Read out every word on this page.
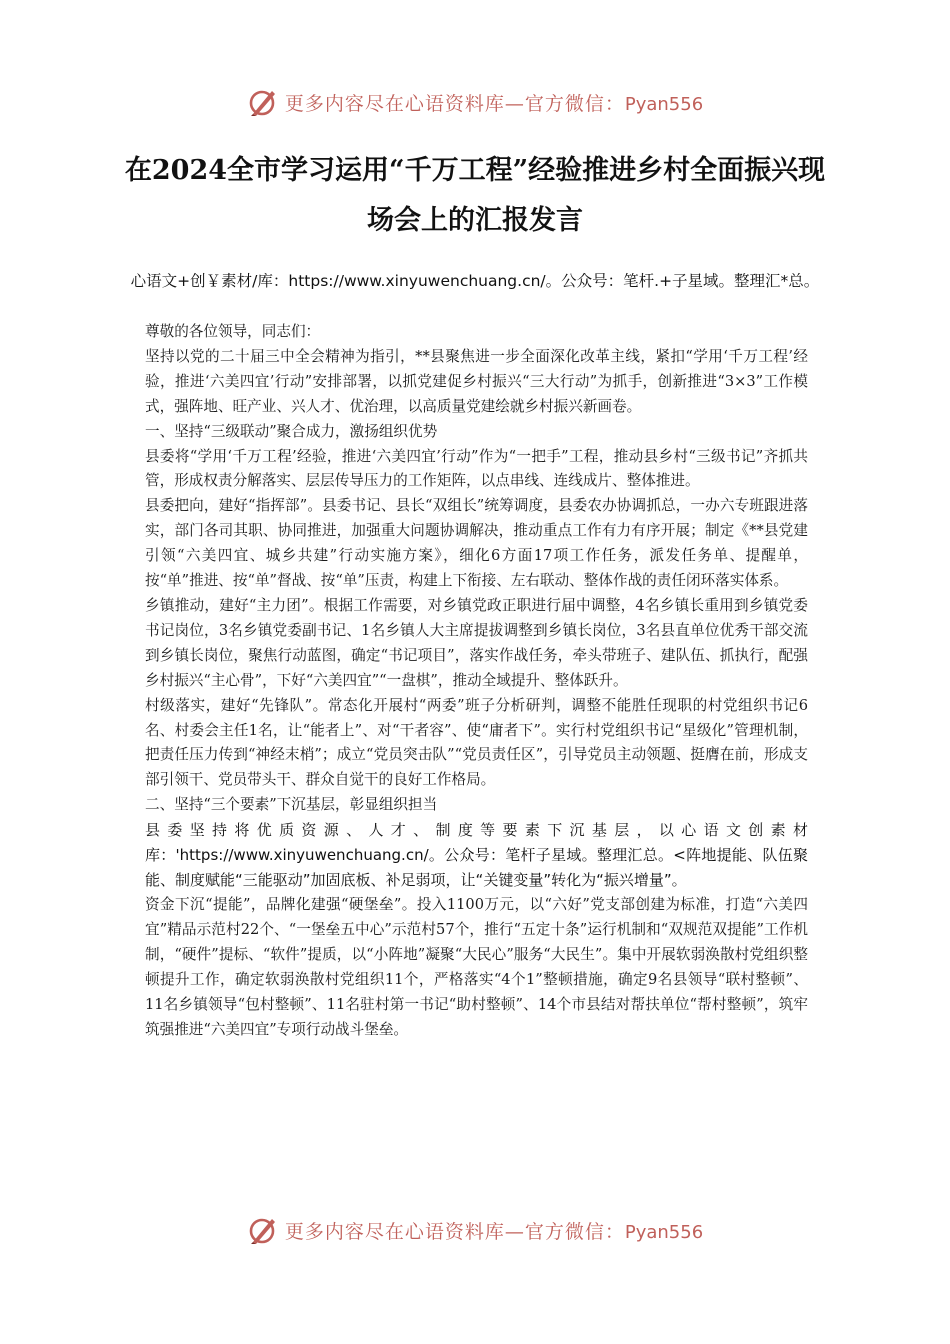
更多内容尽在心语资料库—官方微信：Pyan556
在2024全市学习运用“千万工程”经验推进乡村全面振兴现场会上的汇报发言
心语文+创￥素材/库：https://www.xinyuwenchuang.cn/。公众号：笔杆.+子星域。整理汇*总。

尊敬的各位领导，同志们：

坚持以党的二十届三中全会精神为指引，**县聚焦进一步全面深化改革主线，紧扣“学用‘千万工程’经验，推进‘六美四宜’行动”安排部署，以抓党建促乡村振兴“三大行动”为抓手，创新推进“3×3”工作模式，强阵地、旺产业、兴人才、优治理，以高质量党建绘就乡村振兴新画卷。

一、坚持“三级联动”聚合成力，激扬组织优势

县委将“学用‘千万工程’经验，推进‘六美四宜’行动”作为“一把手”工程，推动县乡村“三级书记”齐抓共管，形成权责分解落实、层层传导压力的工作矩阵，以点串线、连线成片、整体推进。

县委把向，建好“指挥部”。县委书记、县长“双组长”统筹调度，县委农办协调抓总，一办六专班跟进落实，部门各司其职、协同推进，加强重大问题协调解决，推动重点工作有力有序开展；制定《**县党建引领“六美四宜、城乡共建”行动实施方案》，细化6方面17项工作任务，派发任务单、提醒单，按“单”推进、按“单”督战、按“单”压责，构建上下衔接、左右联动、整体作战的责任闭环落实体系。

乡镇推动，建好“主力团”。根据工作需要，对乡镇党政正职进行届中调整，4名乡镇长重用到乡镇党委书记岗位，3名乡镇党委副书记、1名乡镇人大主席提拔调整到乡镇长岗位，3名县直单位优秀干部交流到乡镇长岗位，聚焦行动蓝图，确定“书记项目”，落实作战任务，牵头带班子、建队伍、抓执行，配强乡村振兴“主心骨”，下好“六美四宜”“一盘棋”，推动全域提升、整体跃升。

村级落实，建好“先锋队”。常态化开展村“两委”班子分析研判，调整不能胜任现职的村党组织书记6名、村委会主任1名，让“能者上”、对“干者容”、使“庸者下”。实行村党组织书记“星级化”管理机制，把责任压力传到“神经末梢”；成立“党员突击队”“党员责任区”，引导党员主动领题、挺膺在前，形成支部引领干、党员带头干、群众自觉干的良好工作格局。

二、坚持“三个要素”下沉基层，彰显组织担当

县委坚持将优质资源、人才、制度等要素下沉基层，以心语文创素材库：'https://www.xinyuwenchuang.cn/。公众号：笔杆子星域。整理汇总。<阵地提能、队伍聚能、制度赋能“三能驱动”加固底板、补足弱项，让“关键变量”转化为“振兴增量”。

资金下沉“提能”，品牌化建强“硬堡垒”。投入1100万元，以“六好”党支部创建为标准，打造“六美四宜”精品示范村22个、“一堡垒五中心”示范村57个，推行“五定十条”运行机制和“双规范双提能”工作机制，“硬件”提标、“软件”提质，以“小阵地”凝聚“大民心”服务“大民生”。集中开展软弱涣散村党组织整顿提升工作，确定软弱涣散村党组织11个，严格落实“4个1”整顿措施，确定9名县领导“联村整顿”、11名乡镇领导“包村整顿”、11名驻村第一书记“助村整顿”、14个市县结对帮扶单位“帮村整顿”，筑牢筑强推进“六美四宜”专项行动战斗堡垒。

更多内容尽在心语资料库—官方微信：Pyan556
